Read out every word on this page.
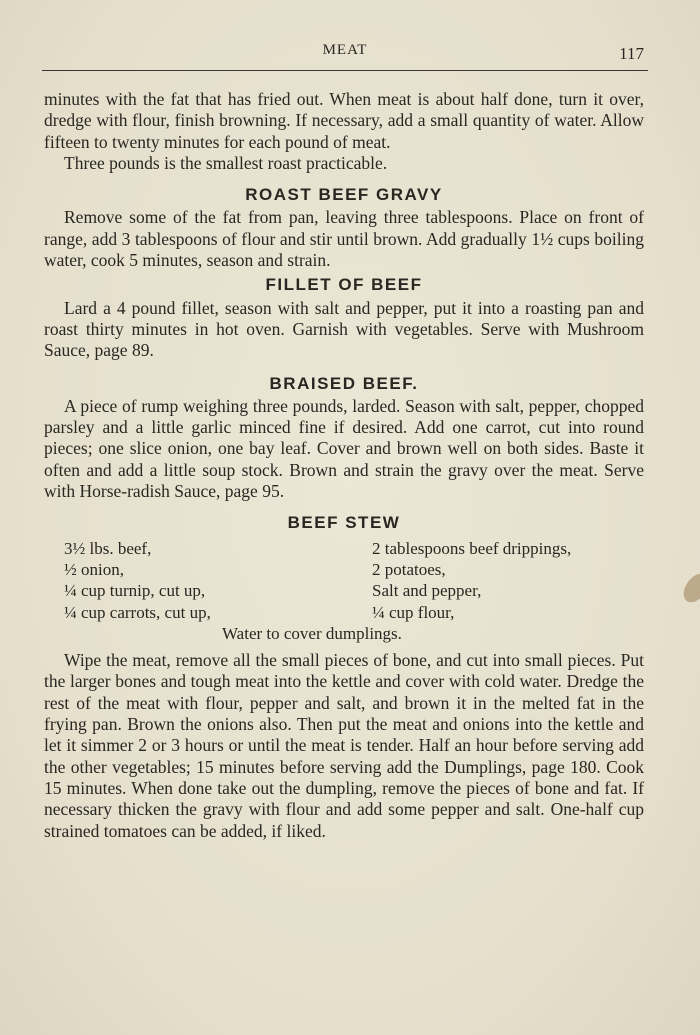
MEAT	117

minutes with the fat that has fried out. When meat is about half done, turn it over, dredge with flour, finish browning. If necessary, add a small quantity of water. Allow fifteen to twenty minutes for each pound of meat.

Three pounds is the smallest roast practicable.

ROAST BEEF GRAVY

Remove some of the fat from pan, leaving three tablespoons. Place on front of range, add 3 tablespoons of flour and stir until brown. Add gradually 1½ cups boiling water, cook 5 minutes, season and strain.

FILLET OF BEEF

Lard a 4 pound fillet, season with salt and pepper, put it into a roasting pan and roast thirty minutes in hot oven. Garnish with vegetables. Serve with Mushroom Sauce, page 89.

BRAISED BEEF.

A piece of rump weighing three pounds, larded. Season with salt, pepper, chopped parsley and a little garlic minced fine if desired. Add one carrot, cut into round pieces; one slice onion, one bay leaf. Cover and brown well on both sides. Baste it often and add a little soup stock. Brown and strain the gravy over the meat. Serve with Horse-radish Sauce, page 95.

BEEF STEW
3½ lbs. beef,	2 tablespoons beef drippings,
½ onion,	2 potatoes,
¼ cup turnip, cut up,	Salt and pepper,
¼ cup carrots, cut up,	¼ cup flour,
Water to cover dumplings.

Wipe the meat, remove all the small pieces of bone, and cut into small pieces. Put the larger bones and tough meat into the kettle and cover with cold water. Dredge the rest of the meat with flour, pepper and salt, and brown it in the melted fat in the frying pan. Brown the onions also. Then put the meat and onions into the kettle and let it simmer 2 or 3 hours or until the meat is tender. Half an hour before serving add the other vegetables; 15 minutes before serving add the Dumplings, page 180. Cook 15 minutes. When done take out the dumpling, remove the pieces of bone and fat. If necessary thicken the gravy with flour and add some pepper and salt. One-half cup strained tomatoes can be added, if liked.
